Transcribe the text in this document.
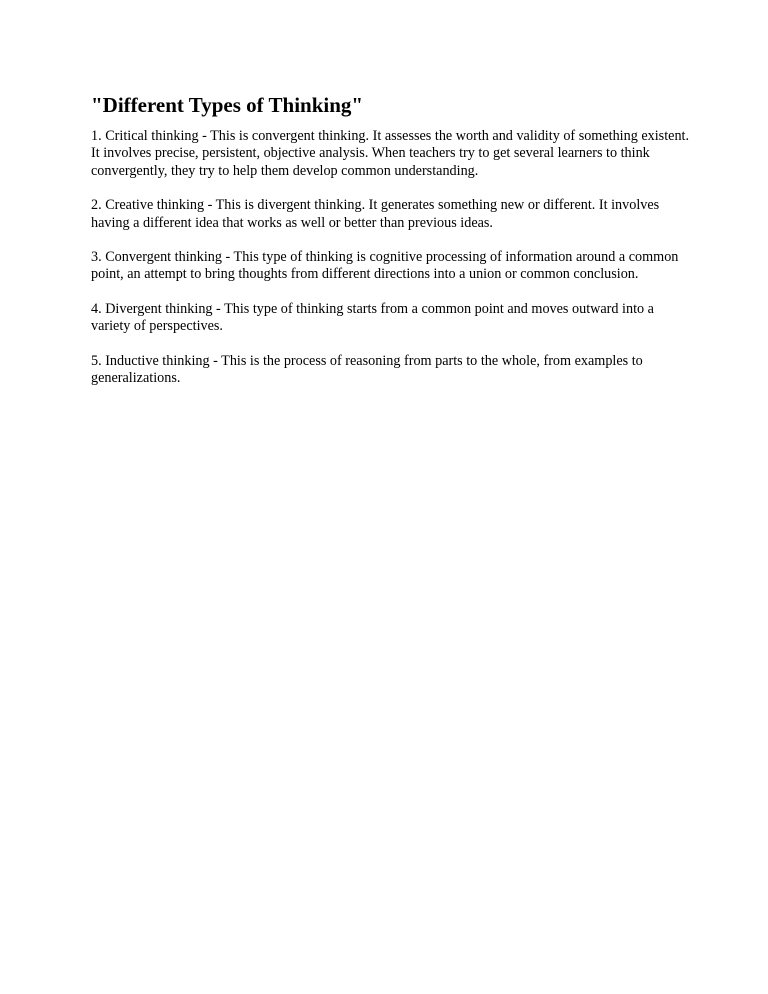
"Different Types of Thinking"

1. Critical thinking - This is convergent thinking. It assesses the worth and validity of something existent. It involves precise, persistent, objective analysis. When teachers try to get several learners to think convergently, they try to help them develop common understanding.

2. Creative thinking - This is divergent thinking. It generates something new or different. It involves having a different idea that works as well or better than previous ideas.

3. Convergent thinking - This type of thinking is cognitive processing of information around a common point, an attempt to bring thoughts from different directions into a union or common conclusion.

4. Divergent thinking - This type of thinking starts from a common point and moves outward into a variety of perspectives.

5. Inductive thinking - This is the process of reasoning from parts to the whole, from examples to generalizations.
